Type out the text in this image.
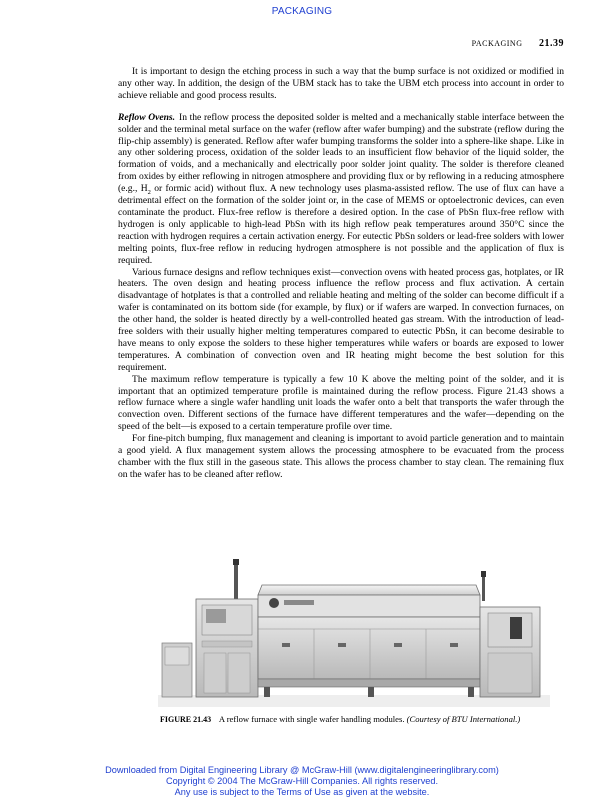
PACKAGING
PACKAGING 21.39

It is important to design the etching process in such a way that the bump surface is not oxidized or modified in any other way. In addition, the design of the UBM stack has to take the UBM etch process into account in order to achieve reliable and good process results.

Reflow Ovens. In the reflow process the deposited solder is melted and a mechanically stable interface between the solder and the terminal metal surface on the wafer (reflow after wafer bumping) and the substrate (reflow during the flip-chip assembly) is generated. Reflow after wafer bumping transforms the solder into a sphere-like shape. Like in any other soldering process, oxidation of the solder leads to an insufficient flow behavior of the liquid solder, the formation of voids, and a mechanically and electrically poor solder joint quality. The solder is therefore cleaned from oxides by either reflowing in nitrogen atmosphere and providing flux or by reflowing in a reducing atmosphere (e.g., $H_2$ or formic acid) without flux. A new technology uses plasma-assisted reflow. The use of flux can have a detrimental effect on the formation of the solder joint or, in the case of MEMS or optoelectronic devices, can even contaminate the product. Flux-free reflow is therefore a desired option. In the case of PbSn flux-free reflow with hydrogen is only applicable to high-lead PbSn with its high reflow peak temperatures around 350°C since the reaction with hydrogen requires a certain activation energy. For eutectic PbSn solders or lead-free solders with lower melting points, flux-free reflow in reducing hydrogen atmosphere is not possible and the application of flux is required.

Various furnace designs and reflow techniques exist—convection ovens with heated process gas, hotplates, or IR heaters. The oven design and heating process influence the reflow process and flux activation. A certain disadvantage of hotplates is that a controlled and reliable heating and melting of the solder can become difficult if a wafer is contaminated on its bottom side (for example, by flux) or if wafers are warped. In convection furnaces, on the other hand, the solder is heated directly by a well-controlled heated gas stream. With the introduction of lead-free solders with their usually higher melting temperatures compared to eutectic PbSn, it can become desirable to have means to only expose the solders to these higher temperatures while wafers or boards are exposed to lower temperatures. A combination of convection oven and IR heating might become the best solution for this requirement.

The maximum reflow temperature is typically a few 10 K above the melting point of the solder, and it is important that an optimized temperature profile is maintained during the reflow process. Figure 21.43 shows a reflow furnace where a single wafer handling unit loads the wafer onto a belt that transports the wafer through the convection oven. Different sections of the furnace have different temperatures and the wafer—depending on the speed of the belt—is exposed to a certain temperature profile over time.

For fine-pitch bumping, flux management and cleaning is important to avoid particle generation and to maintain a good yield. A flux management system allows the processing atmosphere to be evacuated from the process chamber with the flux still in the gaseous state. This allows the process chamber to stay clean. The remaining flux on the wafer has to be cleaned after reflow.

FIGURE 21.43 A reflow furnace with single wafer handling modules. (Courtesy of BTU International.)
Downloaded from Digital Engineering Library @ McGraw-Hill (www.digitalengineeringlibrary.com)
Copyright © 2004 The McGraw-Hill Companies. All rights reserved.
Any use is subject to the Terms of Use as given at the website.
